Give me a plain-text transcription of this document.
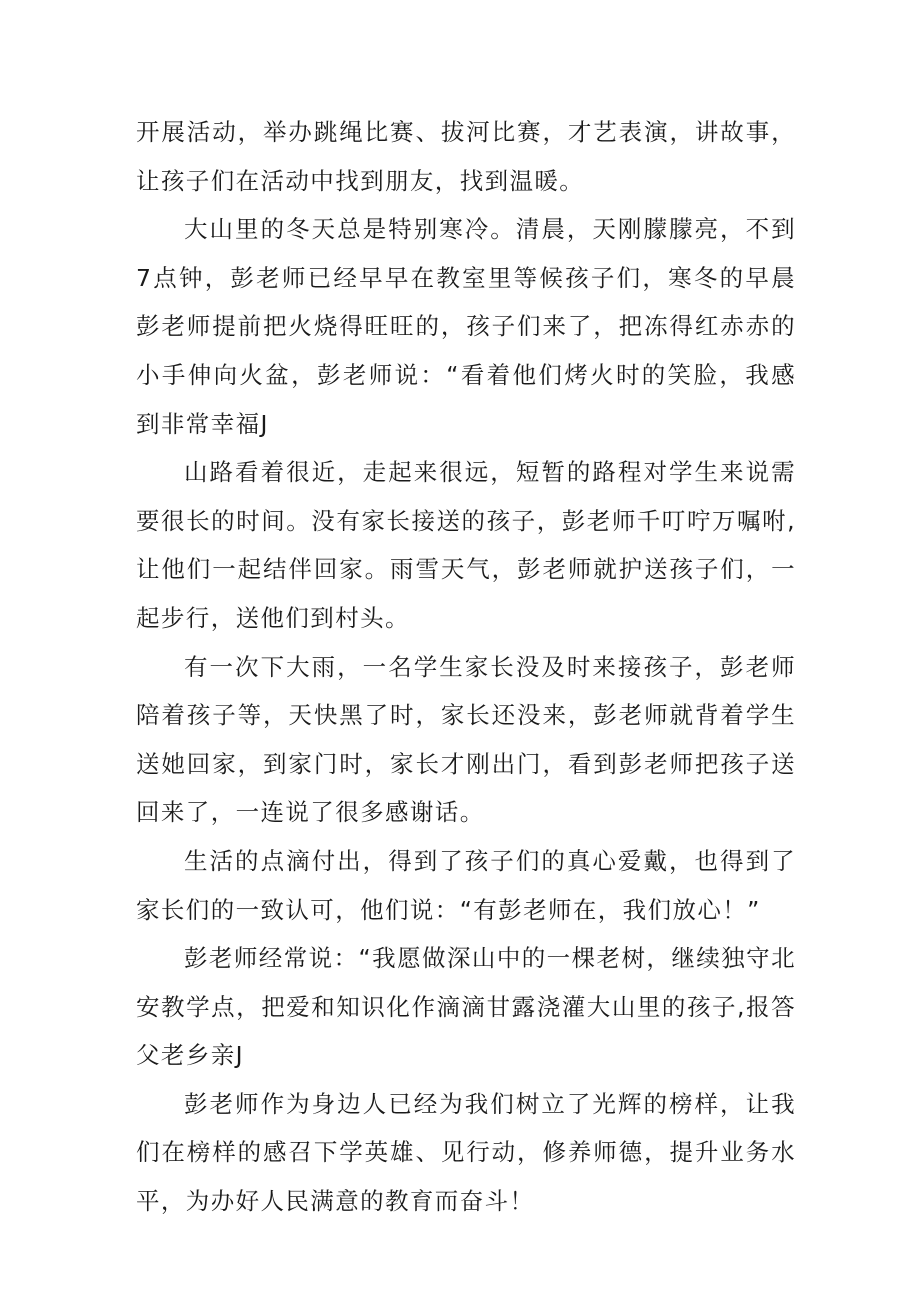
开展活动，举办跳绳比赛、拔河比赛，才艺表演，讲故事，让孩子们在活动中找到朋友，找到温暖。

大山里的冬天总是特别寒冷。清晨，天刚朦朦亮，不到7点钟，彭老师已经早早在教室里等候孩子们，寒冬的早晨彭老师提前把火烧得旺旺的，孩子们来了，把冻得红赤赤的小手伸向火盆，彭老师说：“看着他们烤火时的笑脸，我感到非常幸福J

山路看着很近，走起来很远，短暂的路程对学生来说需要很长的时间。没有家长接送的孩子，彭老师千叮咛万嘱咐,让他们一起结伴回家。雨雪天气，彭老师就护送孩子们，一起步行，送他们到村头。

有一次下大雨，一名学生家长没及时来接孩子，彭老师陪着孩子等，天快黑了时，家长还没来，彭老师就背着学生送她回家，到家门时，家长才刚出门，看到彭老师把孩子送回来了，一连说了很多感谢话。

生活的点滴付出，得到了孩子们的真心爱戴，也得到了家长们的一致认可，他们说：“有彭老师在，我们放心！”

彭老师经常说：“我愿做深山中的一棵老树，继续独守北安教学点，把爱和知识化作滴滴甘露浇灌大山里的孩子,报答父老乡亲J

彭老师作为身边人已经为我们树立了光辉的榜样，让我们在榜样的感召下学英雄、见行动，修养师德，提升业务水平，为办好人民满意的教育而奋斗！
